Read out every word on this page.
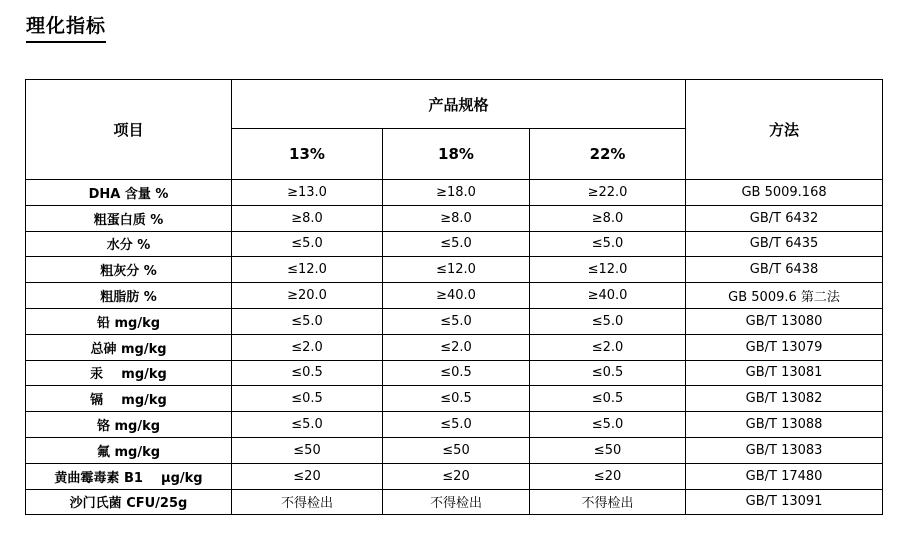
理化指标
项目	产品规格			方法
	13%	18%	22%	
DHA 含量 %	≥13.0	≥18.0	≥22.0	GB 5009.168
粗蛋白质 %	≥8.0	≥8.0	≥8.0	GB/T 6432
水分 %	≤5.0	≤5.0	≤5.0	GB/T 6435
粗灰分 %	≤12.0	≤12.0	≤12.0	GB/T 6438
粗脂肪 %	≥20.0	≥40.0	≥40.0	GB 5009.6 第二法
铅 mg/kg	≤5.0	≤5.0	≤5.0	GB/T 13080
总砷 mg/kg	≤2.0	≤2.0	≤2.0	GB/T 13079
汞    mg/kg	≤0.5	≤0.5	≤0.5	GB/T 13081
镉    mg/kg	≤0.5	≤0.5	≤0.5	GB/T 13082
铬 mg/kg	≤5.0	≤5.0	≤5.0	GB/T 13088
氟 mg/kg	≤50	≤50	≤50	GB/T 13083
黄曲霉毒素 B1    μg/kg	≤20	≤20	≤20	GB/T 17480
沙门氏菌 CFU/25g	不得检出	不得检出	不得检出	GB/T 13091
